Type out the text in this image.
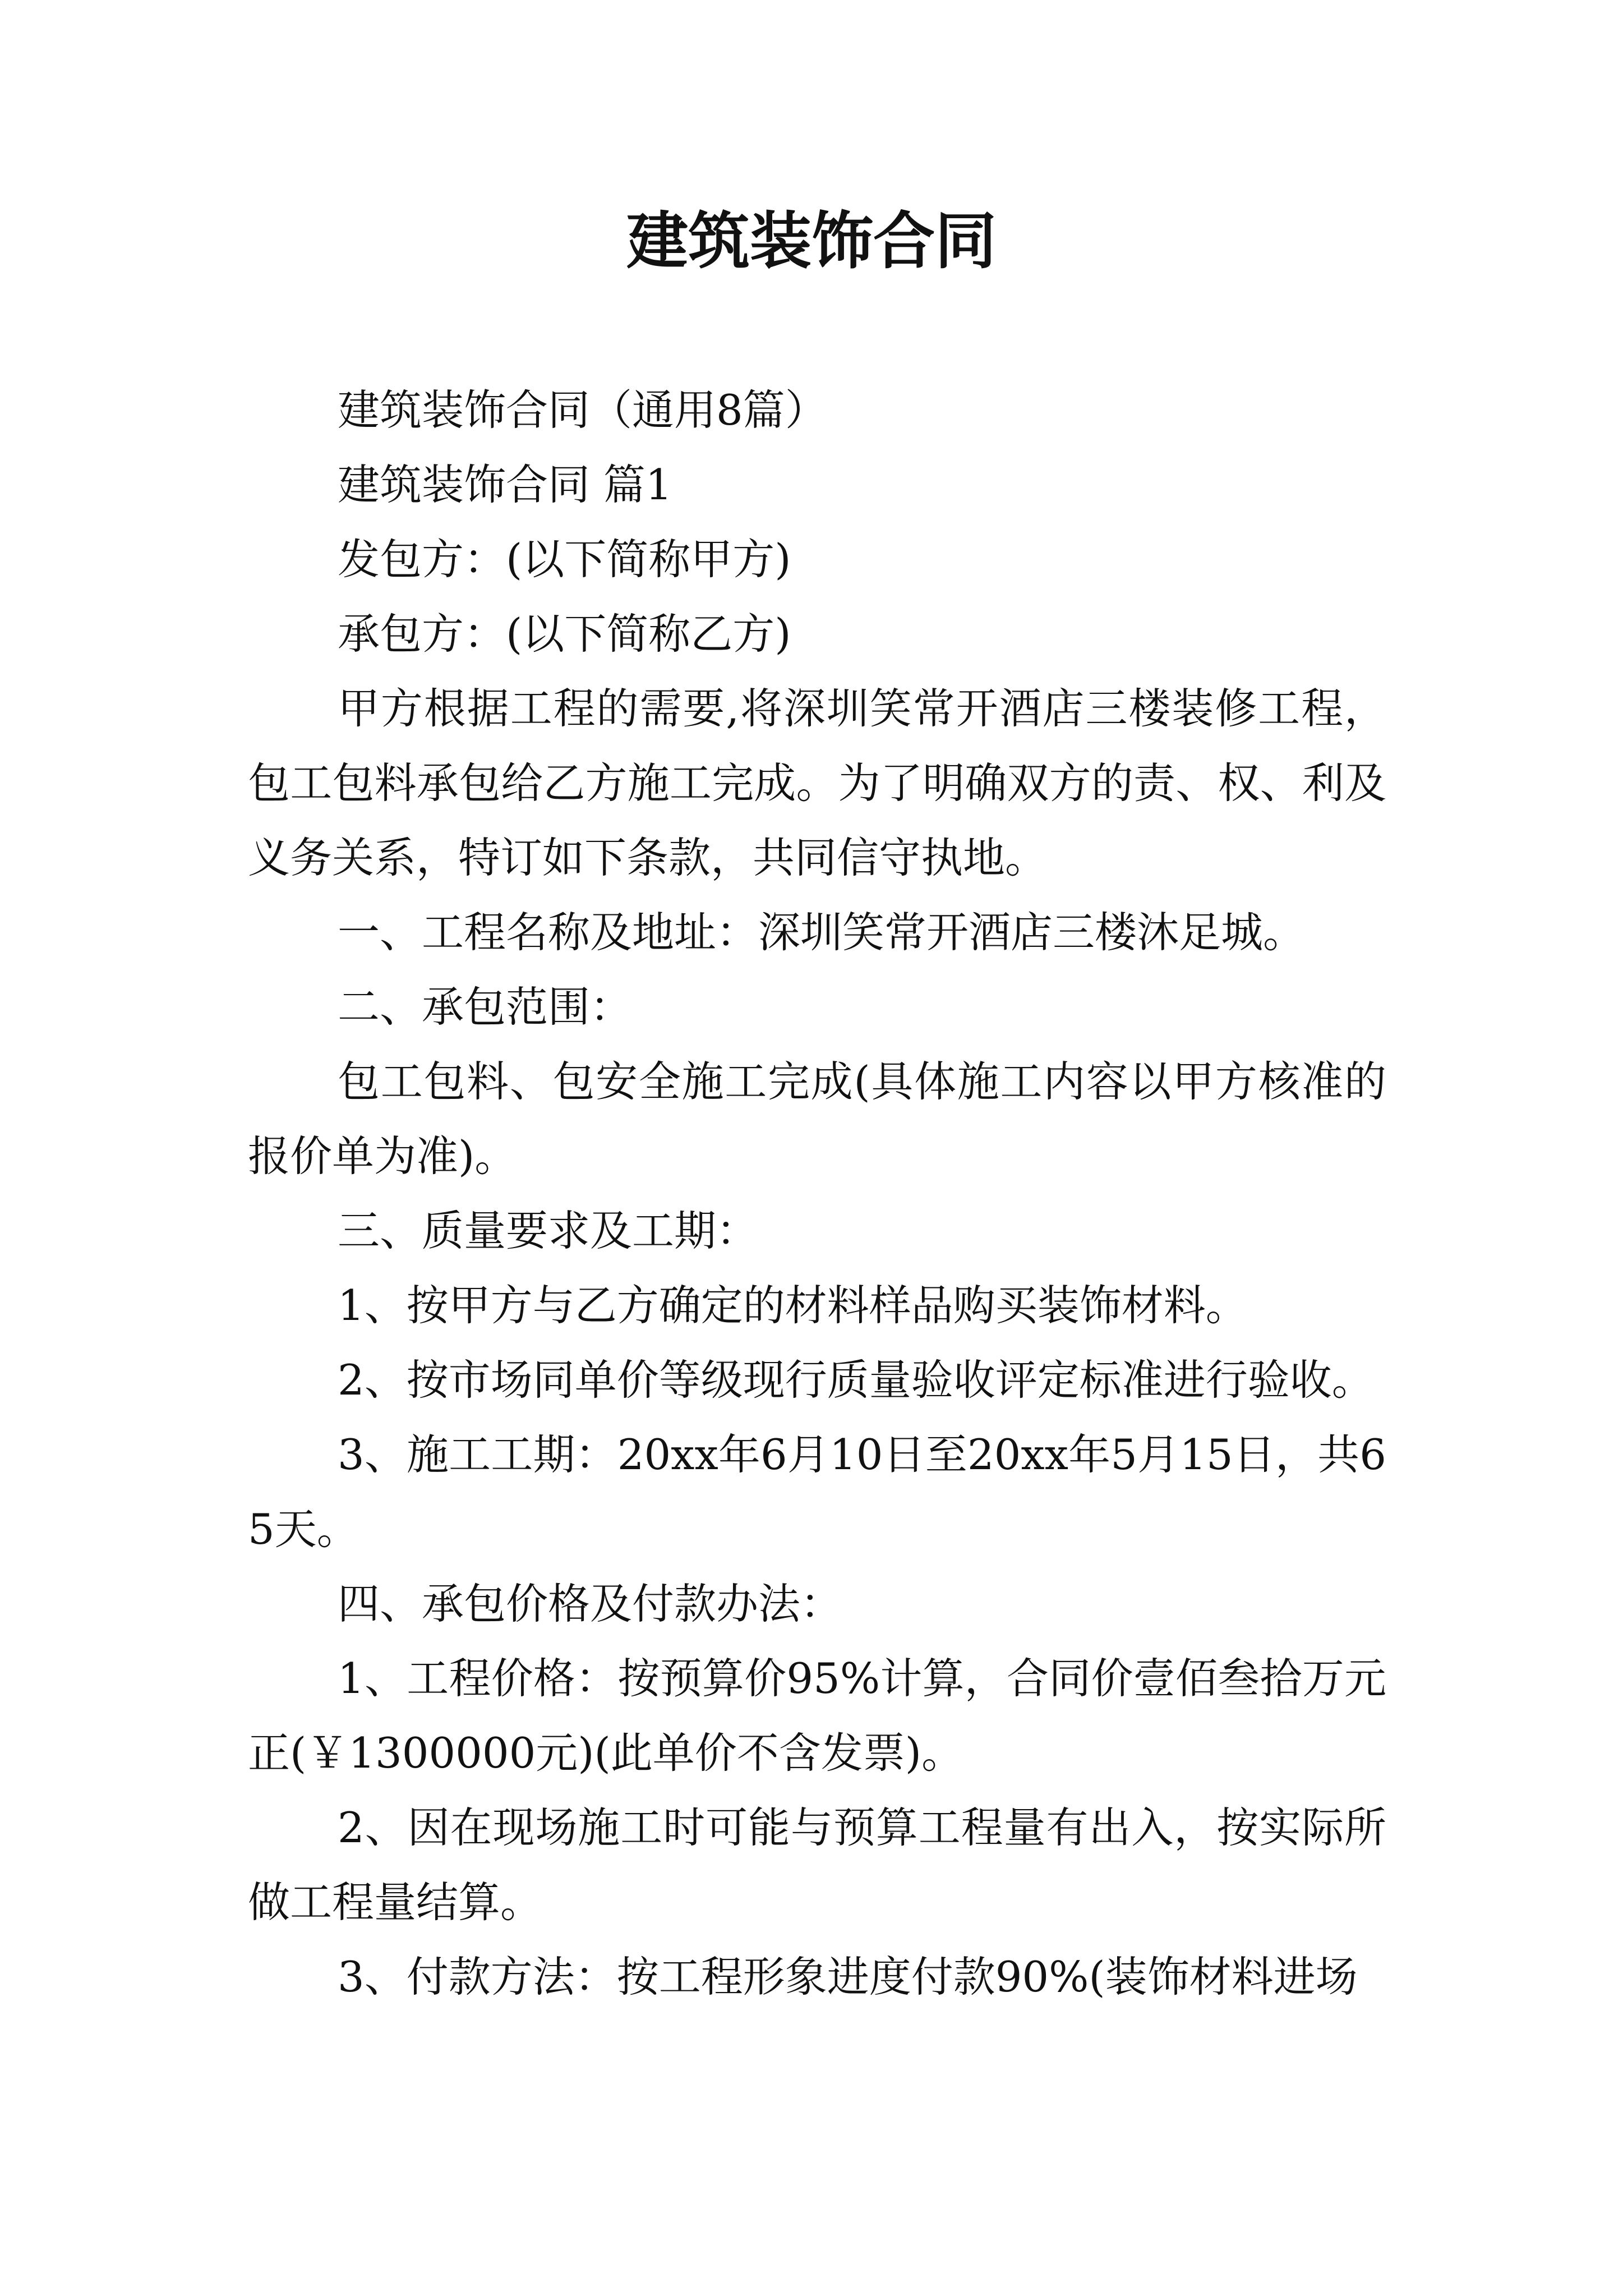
建筑装饰合同

建筑装饰合同（通用8篇）

建筑装饰合同 篇1

发包方：(以下简称甲方)

承包方：(以下简称乙方)

甲方根据工程的需要,将深圳笑常开酒店三楼装修工程，包工包料承包给乙方施工完成。为了明确双方的责、权、利及义务关系，特订如下条款，共同信守执地。

一、工程名称及地址：深圳笑常开酒店三楼沐足城。

二、承包范围：

包工包料、包安全施工完成(具体施工内容以甲方核准的报价单为准)。

三、质量要求及工期：

1、按甲方与乙方确定的材料样品购买装饰材料。

2、按市场同单价等级现行质量验收评定标准进行验收。

3、施工工期：20xx年6月10日至20xx年5月15日，共65天。

四、承包价格及付款办法：

1、工程价格：按预算价95%计算，合同价壹佰叁拾万元正(￥1300000元)(此单价不含发票)。

2、因在现场施工时可能与预算工程量有出入，按实际所做工程量结算。

3、付款方法：按工程形象进度付款90%(装饰材料进场
